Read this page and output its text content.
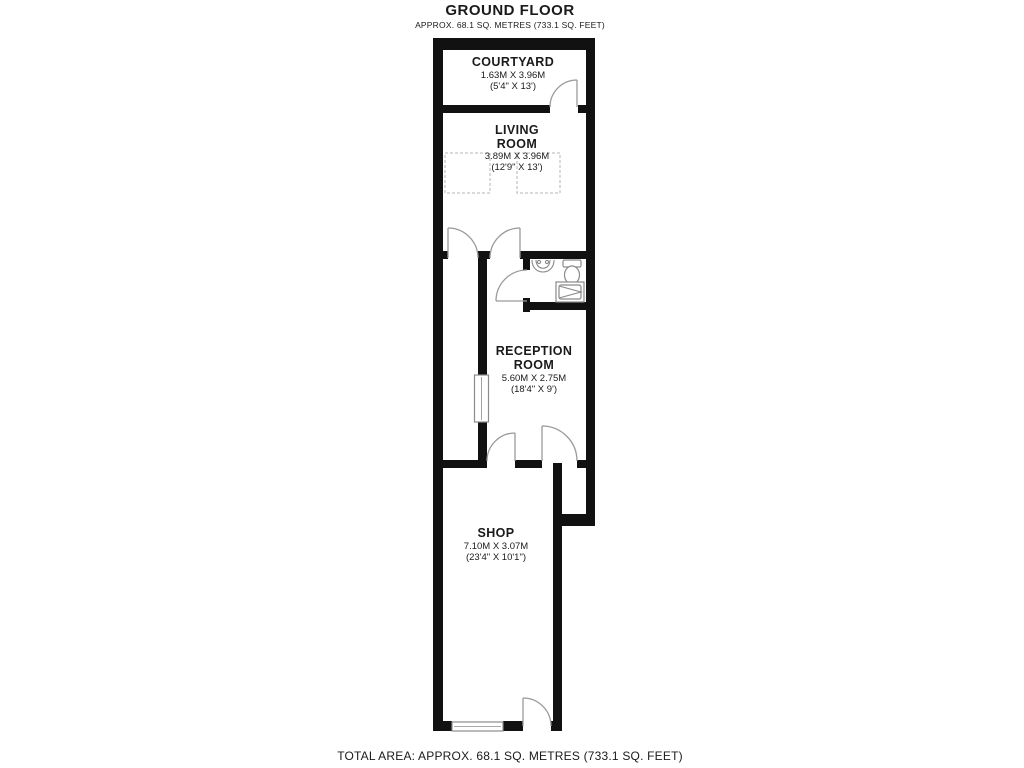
GROUND FLOOR
APPROX. 68.1 SQ. METRES (733.1 SQ. FEET)
COURTYARD
1.63M X 3.96M
(5'4" X 13')
LIVING
ROOM
3.89M X 3.96M
(12'9" X 13')
RECEPTION
ROOM
5.60M X 2.75M
(18'4" X 9')
SHOP
7.10M X 3.07M
(23'4" X 10'1")
TOTAL AREA: APPROX. 68.1 SQ. METRES (733.1 SQ. FEET)
